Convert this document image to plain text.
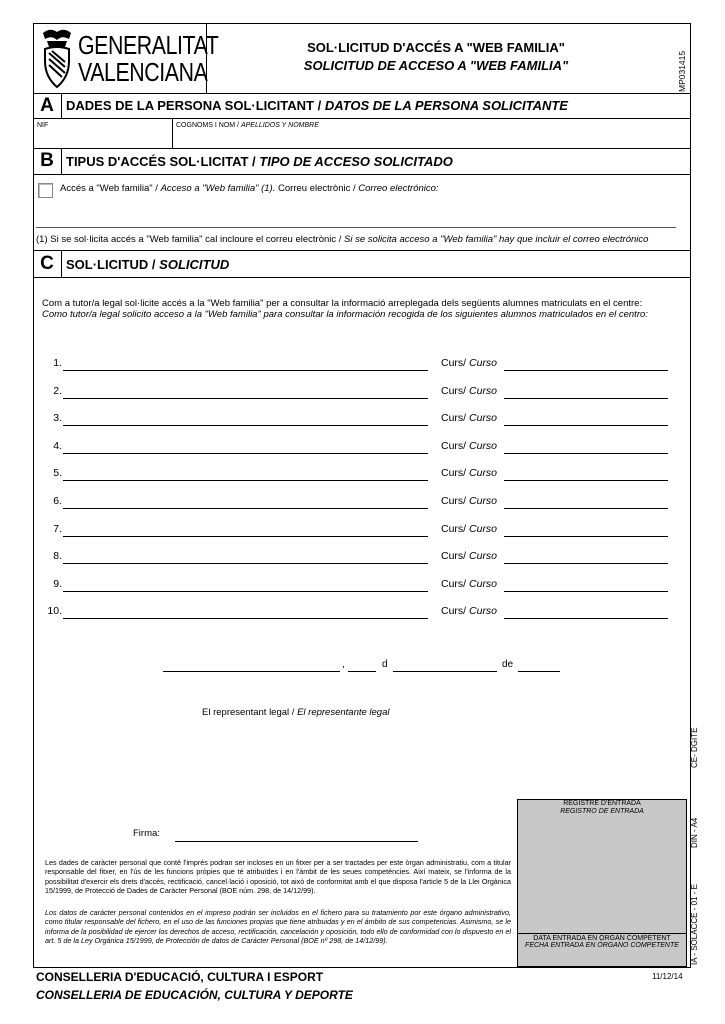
GENERALITAT
VALENCIANA
SOL·LICITUD D'ACCÉS A "WEB FAMILIA"
SOLICITUD DE ACCESO A "WEB FAMILIA"	MP031415
A DADES DE LA PERSONA SOL·LICITANT / DATOS DE LA PERSONA SOLICITANTE
NIF	COGNOMS I NOM / APELLIDOS Y NOMBRE
B TIPUS D'ACCÉS SOL·LICITAT / TIPO DE ACCESO SOLICITADO
Accés a "Web familia" / Acceso a "Web familia" (1). Correu electrònic / Correo electrónico:
(1) Si se sol·licita accés a "Web familia" cal incloure el correu electrònic / Si se solicita acceso a "Web familia" hay que incluir el correo electrónico
C SOL·LICITUD / SOLICITUD
Com a tutor/a legal sol·licite accés a la "Web familia" per a consultar la informació arreplegada dels següents alumnes matriculats en el centre:
Como tutor/a legal solicito acceso a la "Web familia" para consultar la información recogida de los siguientes alumnos matriculados en el centro:
1.	Curs/ Curso
2.	Curs/ Curso
3.	Curs/ Curso
4.	Curs/ Curso
5.	Curs/ Curso
6.	Curs/ Curso
7.	Curs/ Curso
8.	Curs/ Curso
9.	Curs/ Curso
10.	Curs/ Curso
,	d	de
El representant legal / El representante legal
Firma:
REGISTRE D'ENTRADA
REGISTRO DE ENTRADA
DATA ENTRADA EN ÒRGAN COMPETENT
FECHA ENTRADA EN ÓRGANO COMPETENTE
Les dades de caràcter personal que conté l'imprés podran ser incloses en un fitxer per a ser tractades per este òrgan administratiu, com a titular responsable del fitxer, en l'ús de les funcions pròpies que té atribuïdes i en l'àmbit de les seues competències. Així mateix, se l'informa de la possibilitat d'exercir els drets d'accés, rectificació, cancel·lació i oposició, tot això de conformitat amb el que disposa l'article 5 de la Llei Orgànica 15/1999, de Protecció de Dades de Caràcter Personal (BOE núm. 298, de 14/12/99).
Los datos de carácter personal contenidos en el impreso podrán ser incluidos en el fichero para su tratamiento por este órgano administrativo, como titular responsable del fichero, en el uso de las funciones propias que tiene atribuidas y en el ámbito de sus competencias. Asimismo, se le informa de la posibilidad de ejercer los derechos de acceso, rectificación, cancelación y oposición, todo ello de conformidad con lo dispuesto en el art. 5 de la Ley Orgánica 15/1999, de Protección de datos de Carácter Personal (BOE nº 298, de 14/12/99).
CE- DGITE
DIN - A4
IA - SOLACCE - 01 - E
CONSELLERIA D'EDUCACIÓ, CULTURA I ESPORT
CONSELLERIA DE EDUCACIÓN, CULTURA Y DEPORTE
11/12/14
